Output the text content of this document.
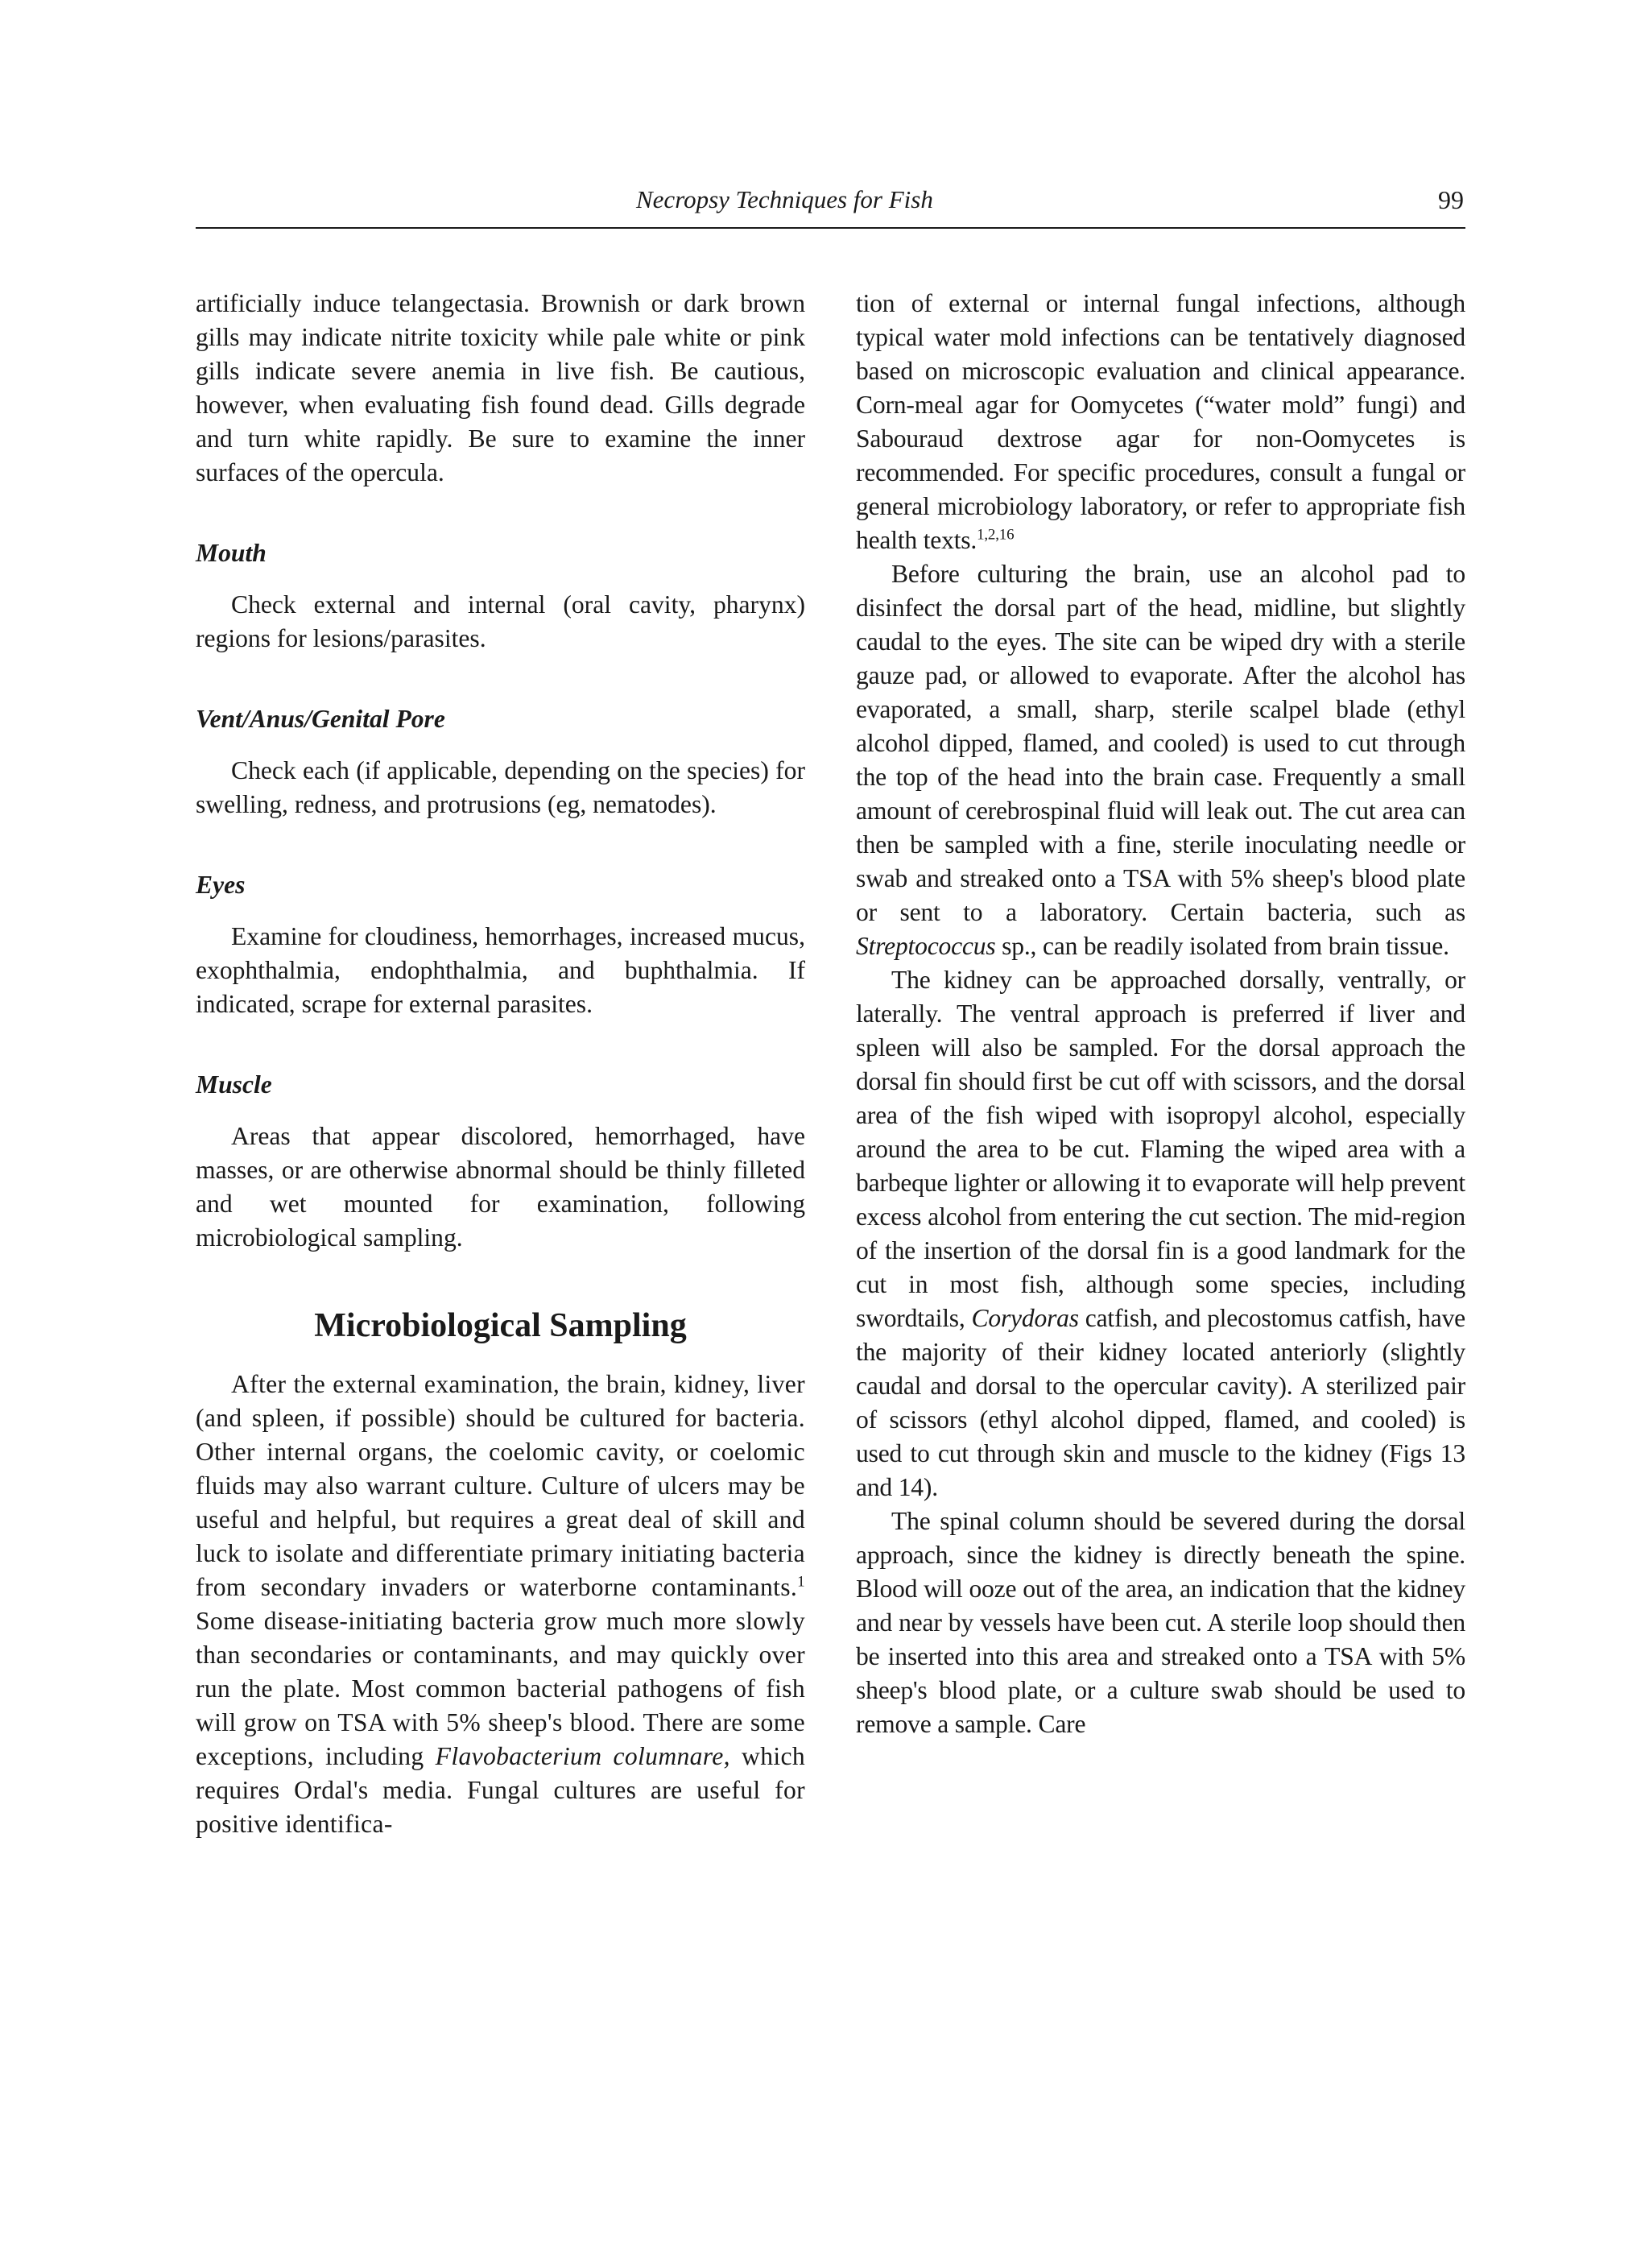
Necropsy Techniques for Fish	99

artificially induce telangectasia. Brownish or dark brown gills may indicate nitrite toxicity while pale white or pink gills indicate severe anemia in live fish. Be cautious, however, when evaluating fish found dead. Gills degrade and turn white rapidly. Be sure to examine the inner surfaces of the opercula.

Mouth

Check external and internal (oral cavity, pharynx) regions for lesions/parasites.

Vent/Anus/Genital Pore

Check each (if applicable, depending on the species) for swelling, redness, and protrusions (eg, nematodes).

Eyes

Examine for cloudiness, hemorrhages, increased mucus, exophthalmia, endophthalmia, and buphthalmia. If indicated, scrape for external parasites.

Muscle

Areas that appear discolored, hemorrhaged, have masses, or are otherwise abnormal should be thinly filleted and wet mounted for examination, following microbiological sampling.

Microbiological Sampling

After the external examination, the brain, kidney, liver (and spleen, if possible) should be cultured for bacteria. Other internal organs, the coelomic cavity, or coelomic fluids may also warrant culture. Culture of ulcers may be useful and helpful, but requires a great deal of skill and luck to isolate and differentiate primary initiating bacteria from secondary invaders or waterborne contaminants.$^1$ Some disease-initiating bacteria grow much more slowly than secondaries or contaminants, and may quickly over run the plate. Most common bacterial pathogens of fish will grow on TSA with 5% sheep's blood. There are some exceptions, including Flavobacterium columnare, which requires Ordal's media. Fungal cultures are useful for positive identifica-

tion of external or internal fungal infections, although typical water mold infections can be tentatively diagnosed based on microscopic evaluation and clinical appearance. Corn-meal agar for Oomycetes (“water mold” fungi) and Sabouraud dextrose agar for non-Oomycetes is recommended. For specific procedures, consult a fungal or general microbiology laboratory, or refer to appropriate fish health texts.$^{1,2,16}$

Before culturing the brain, use an alcohol pad to disinfect the dorsal part of the head, midline, but slightly caudal to the eyes. The site can be wiped dry with a sterile gauze pad, or allowed to evaporate. After the alcohol has evaporated, a small, sharp, sterile scalpel blade (ethyl alcohol dipped, flamed, and cooled) is used to cut through the top of the head into the brain case. Frequently a small amount of cerebrospinal fluid will leak out. The cut area can then be sampled with a fine, sterile inoculating needle or swab and streaked onto a TSA with 5% sheep's blood plate or sent to a laboratory. Certain bacteria, such as Streptococcus sp., can be readily isolated from brain tissue.

The kidney can be approached dorsally, ventrally, or laterally. The ventral approach is preferred if liver and spleen will also be sampled. For the dorsal approach the dorsal fin should first be cut off with scissors, and the dorsal area of the fish wiped with isopropyl alcohol, especially around the area to be cut. Flaming the wiped area with a barbeque lighter or allowing it to evaporate will help prevent excess alcohol from entering the cut section. The mid-region of the insertion of the dorsal fin is a good landmark for the cut in most fish, although some species, including swordtails, Corydoras catfish, and plecostomus catfish, have the majority of their kidney located anteriorly (slightly caudal and dorsal to the opercular cavity). A sterilized pair of scissors (ethyl alcohol dipped, flamed, and cooled) is used to cut through skin and muscle to the kidney (Figs 13 and 14).

The spinal column should be severed during the dorsal approach, since the kidney is directly beneath the spine. Blood will ooze out of the area, an indication that the kidney and near by vessels have been cut. A sterile loop should then be inserted into this area and streaked onto a TSA with 5% sheep's blood plate, or a culture swab should be used to remove a sample. Care
